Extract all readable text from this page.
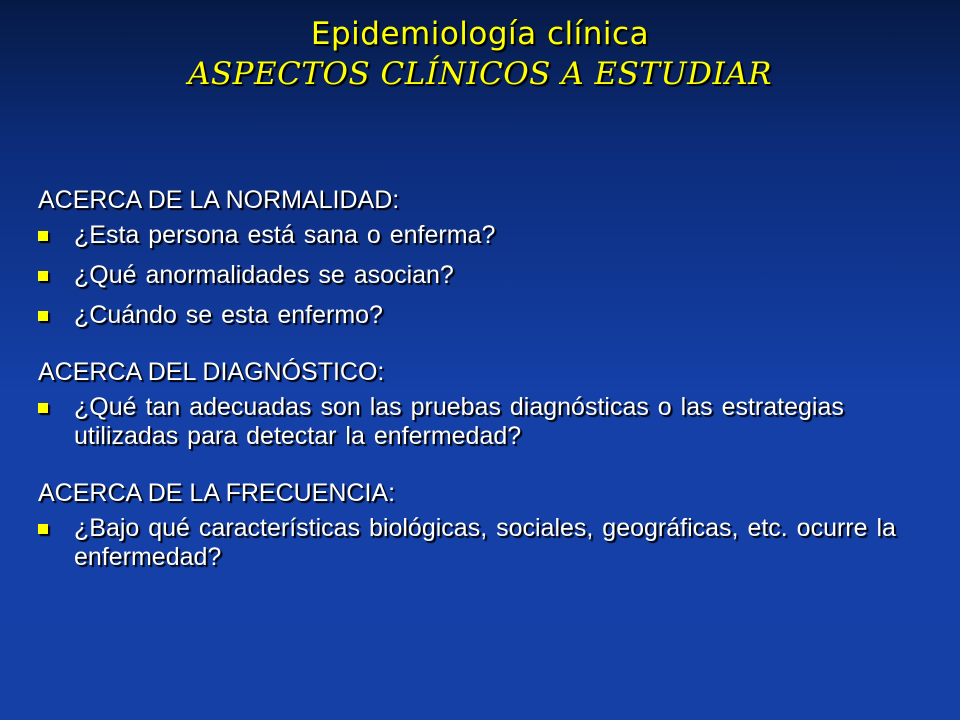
Epidemiología clínica
ASPECTOS CLÍNICOS A ESTUDIAR
ACERCA DE LA NORMALIDAD:
¿Esta persona está sana o enferma?
¿Qué anormalidades se asocian?
¿Cuándo se esta enfermo?
ACERCA DEL DIAGNÓSTICO:
¿Qué tan adecuadas son las pruebas diagnósticas o las estrategias utilizadas para detectar la enfermedad?
ACERCA DE LA FRECUENCIA:
¿Bajo qué características biológicas, sociales, geográficas, etc. ocurre la enfermedad?
